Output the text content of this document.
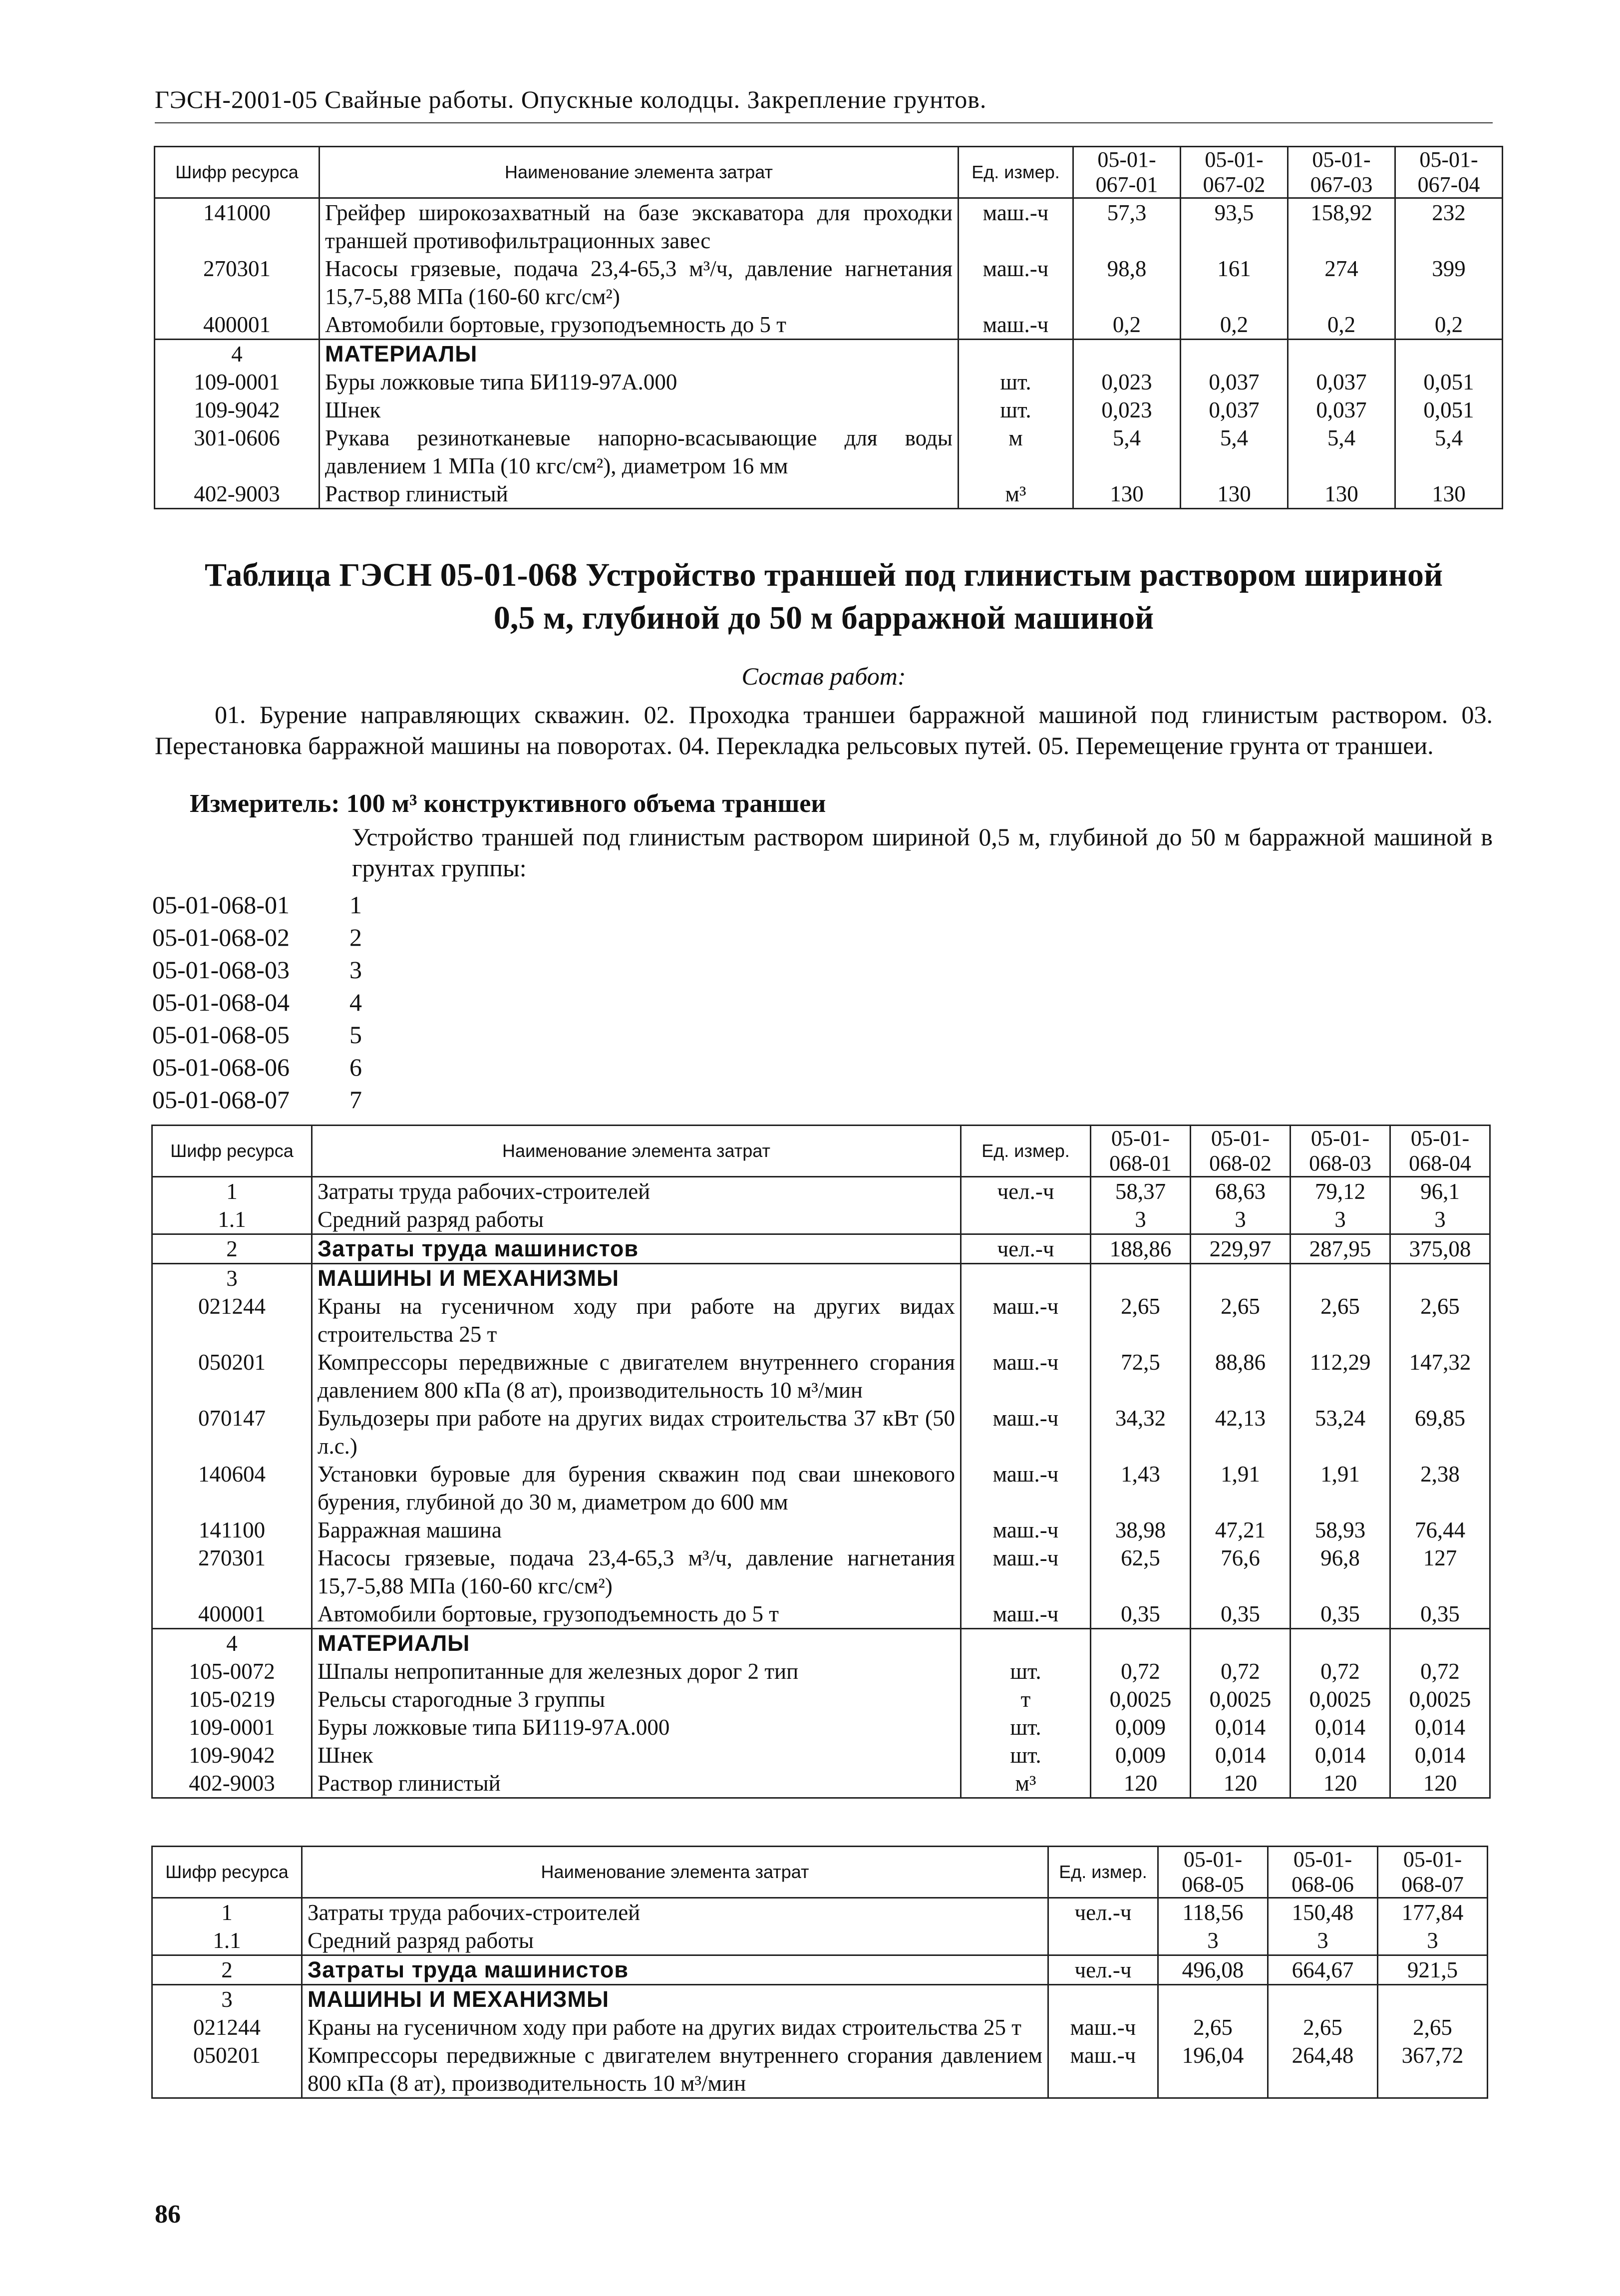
ГЭСН-2001-05 Свайные работы. Опускные колодцы. Закрепление грунтов.
Шифр ресурса	Наименование элемента затрат	Ед. измер.	05-01-067-01	05-01-067-02	05-01-067-03	05-01-067-04
141000	Грейфер широкозахватный на базе экскаватора для проходки траншей противофильтрационных завес	маш.-ч	57,3	93,5	158,92	232
270301	Насосы грязевые, подача 23,4-65,3 м³/ч, давление нагнетания 15,7-5,88 МПа (160-60 кгс/см²)	маш.-ч	98,8	161	274	399
400001	Автомобили бортовые, грузоподъемность до 5 т	маш.-ч	0,2	0,2	0,2	0,2
4	МАТЕРИАЛЫ					
109-0001	Буры ложковые типа БИ119-97А.000	шт.	0,023	0,037	0,037	0,051
109-9042	Шнек	шт.	0,023	0,037	0,037	0,051
301-0606	Рукава резинотканевые напорно-всасывающие для воды давлением 1 МПа (10 кгс/см²), диаметром 16 мм	м	5,4	5,4	5,4	5,4
402-9003	Раствор глинистый	м³	130	130	130	130
Таблица ГЭСН 05-01-068 Устройство траншей под глинистым раствором шириной
0,5 м, глубиной до 50 м барражной машиной
Состав работ:
01. Бурение направляющих скважин. 02. Проходка траншеи барражной машиной под глинистым раствором. 03. Перестановка барражной машины на поворотах. 04. Перекладка рельсовых путей. 05. Перемещение грунта от траншеи.
Измеритель: 100 м³ конструктивного объема траншеи
Устройство траншей под глинистым раствором шириной 0,5 м, глубиной до 50 м барражной машиной в грунтах группы:
05-01-068-01	1
05-01-068-02	2
05-01-068-03	3
05-01-068-04	4
05-01-068-05	5
05-01-068-06	6
05-01-068-07	7
Шифр ресурса	Наименование элемента затрат	Ед. измер.	05-01-068-01	05-01-068-02	05-01-068-03	05-01-068-04
1	Затраты труда рабочих-строителей	чел.-ч	58,37	68,63	79,12	96,1
1.1	Средний разряд работы		3	3	3	3
2	Затраты труда машинистов	чел.-ч	188,86	229,97	287,95	375,08
3	МАШИНЫ И МЕХАНИЗМЫ					
021244	Краны на гусеничном ходу при работе на других видах строительства 25 т	маш.-ч	2,65	2,65	2,65	2,65
050201	Компрессоры передвижные с двигателем внутреннего сгорания давлением 800 кПа (8 ат), производительность 10 м³/мин	маш.-ч	72,5	88,86	112,29	147,32
070147	Бульдозеры при работе на других видах строительства 37 кВт (50 л.с.)	маш.-ч	34,32	42,13	53,24	69,85
140604	Установки буровые для бурения скважин под сваи шнекового бурения, глубиной до 30 м, диаметром до 600 мм	маш.-ч	1,43	1,91	1,91	2,38
141100	Барражная машина	маш.-ч	38,98	47,21	58,93	76,44
270301	Насосы грязевые, подача 23,4-65,3 м³/ч, давление нагнетания 15,7-5,88 МПа (160-60 кгс/см²)	маш.-ч	62,5	76,6	96,8	127
400001	Автомобили бортовые, грузоподъемность до 5 т	маш.-ч	0,35	0,35	0,35	0,35
4	МАТЕРИАЛЫ					
105-0072	Шпалы непропитанные для железных дорог 2 тип	шт.	0,72	0,72	0,72	0,72
105-0219	Рельсы старогодные 3 группы	т	0,0025	0,0025	0,0025	0,0025
109-0001	Буры ложковые типа БИ119-97А.000	шт.	0,009	0,014	0,014	0,014
109-9042	Шнек	шт.	0,009	0,014	0,014	0,014
402-9003	Раствор глинистый	м³	120	120	120	120
Шифр ресурса	Наименование элемента затрат	Ед. измер.	05-01-068-05	05-01-068-06	05-01-068-07
1	Затраты труда рабочих-строителей	чел.-ч	118,56	150,48	177,84
1.1	Средний разряд работы		3	3	3
2	Затраты труда машинистов	чел.-ч	496,08	664,67	921,5
3	МАШИНЫ И МЕХАНИЗМЫ				
021244	Краны на гусеничном ходу при работе на других видах строительства 25 т	маш.-ч	2,65	2,65	2,65
050201	Компрессоры передвижные с двигателем внутреннего сгорания давлением 800 кПа (8 ат), производительность 10 м³/мин	маш.-ч	196,04	264,48	367,72
86
